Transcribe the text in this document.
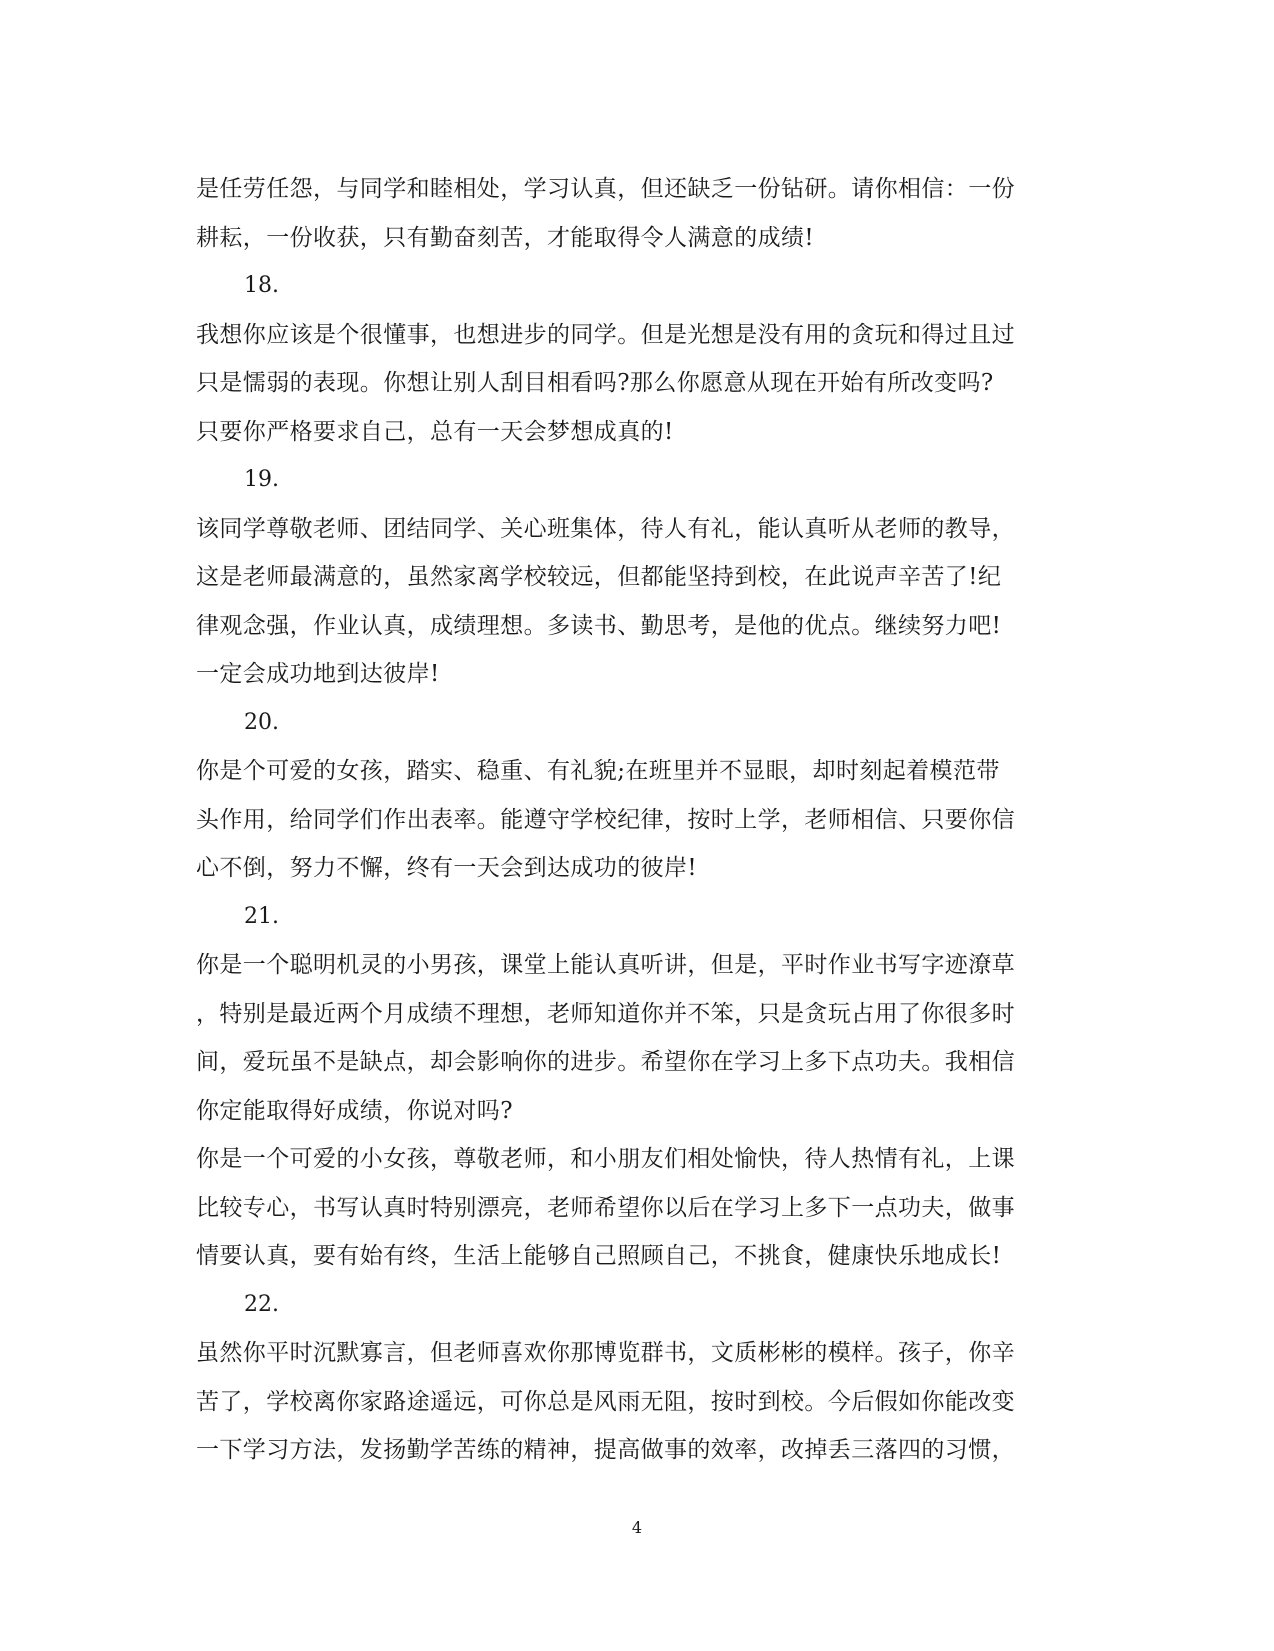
是任劳任怨，与同学和睦相处，学习认真，但还缺乏一份钻研。请你相信：一份
耕耘，一份收获，只有勤奋刻苦，才能取得令人满意的成绩!
18.
我想你应该是个很懂事，也想进步的同学。但是光想是没有用的贪玩和得过且过
只是懦弱的表现。你想让别人刮目相看吗?那么你愿意从现在开始有所改变吗?
只要你严格要求自己，总有一天会梦想成真的!
19.
该同学尊敬老师、团结同学、关心班集体，待人有礼，能认真听从老师的教导，
这是老师最满意的，虽然家离学校较远，但都能坚持到校，在此说声辛苦了!纪
律观念强，作业认真，成绩理想。多读书、勤思考，是他的优点。继续努力吧!
一定会成功地到达彼岸!
20.
你是个可爱的女孩，踏实、稳重、有礼貌;在班里并不显眼，却时刻起着模范带
头作用，给同学们作出表率。能遵守学校纪律，按时上学，老师相信、只要你信
心不倒，努力不懈，终有一天会到达成功的彼岸!
21.
你是一个聪明机灵的小男孩，课堂上能认真听讲，但是，平时作业书写字迹潦草
，特别是最近两个月成绩不理想，老师知道你并不笨，只是贪玩占用了你很多时
间，爱玩虽不是缺点，却会影响你的进步。希望你在学习上多下点功夫。我相信
你定能取得好成绩，你说对吗?
你是一个可爱的小女孩，尊敬老师，和小朋友们相处愉快，待人热情有礼，上课
比较专心，书写认真时特别漂亮，老师希望你以后在学习上多下一点功夫，做事
情要认真，要有始有终，生活上能够自己照顾自己，不挑食，健康快乐地成长!
22.
虽然你平时沉默寡言，但老师喜欢你那博览群书，文质彬彬的模样。孩子，你辛
苦了，学校离你家路途遥远，可你总是风雨无阻，按时到校。今后假如你能改变
一下学习方法，发扬勤学苦练的精神，提高做事的效率，改掉丢三落四的习惯，
4
